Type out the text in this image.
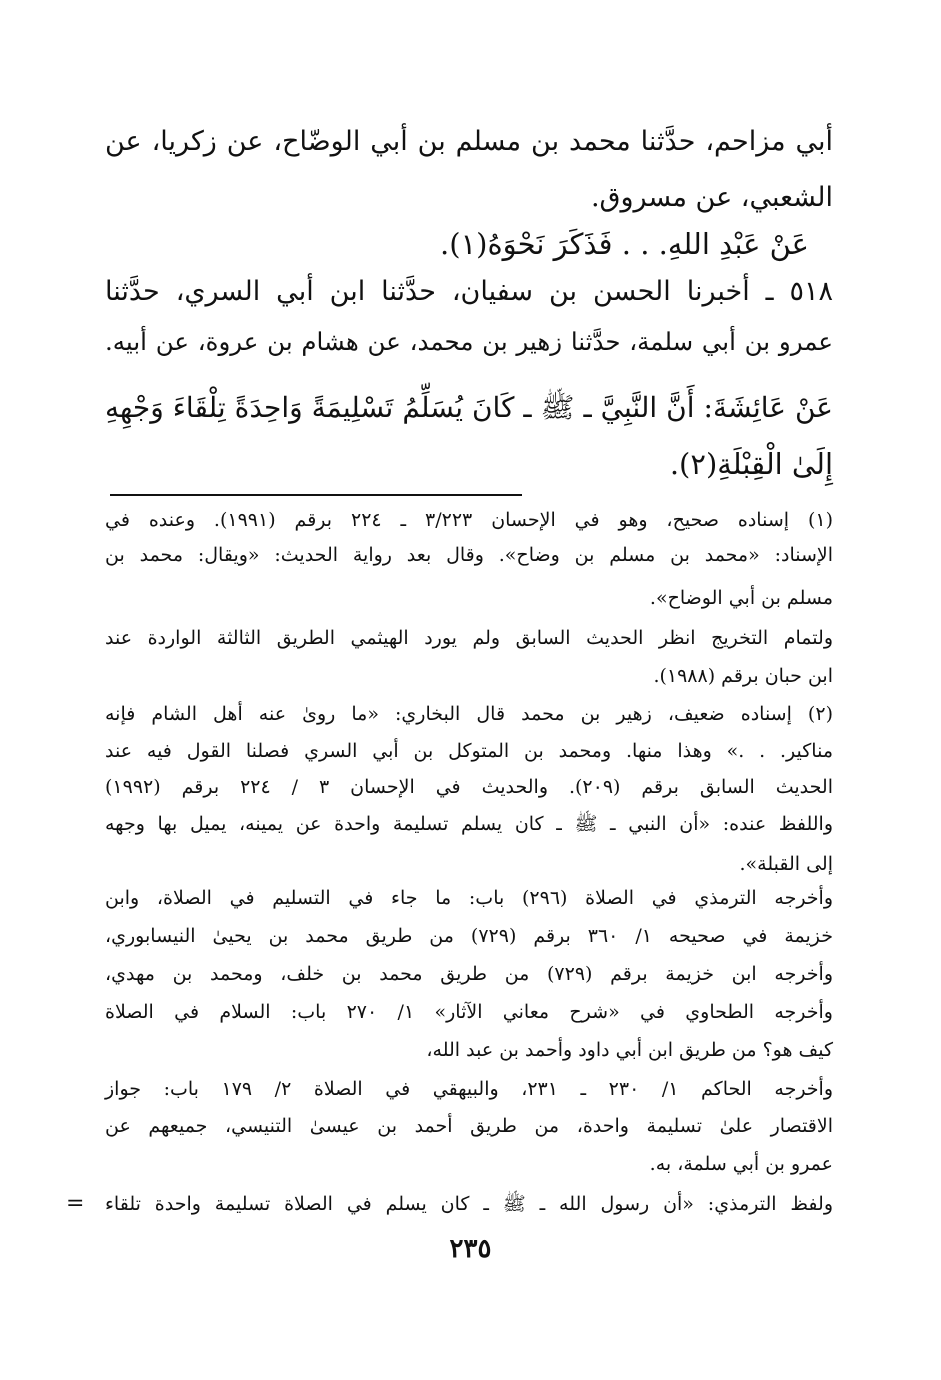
أبي مزاحم، حدَّثنا محمد بن مسلم بن أبي الوضّاح، عن زكريا، عن
الشعبي، عن مسروق.
عَنْ عَبْدِ اللهِ. . . فَذَكَرَ نَحْوَهُ(١).
٥١٨ ـ أخبرنا الحسن بن سفيان، حدَّثنا ابن أبي السري، حدَّثنا
عمرو بن أبي سلمة، حدَّثنا زهير بن محمد، عن هشام بن عروة، عن أبيه.
عَنْ عَائِشَةَ: أَنَّ النَّبِيَّ ـ ﷺ ـ كَانَ يُسَلِّمُ تَسْلِيمَةً وَاحِدَةً تِلْقَاءَ وَجْهِهِ
إِلَىٰ الْقِبْلَةِ(٢).
(١) إسناده صحيح، وهو في الإحسان ٣/٢٢٣ ـ ٢٢٤ برقم (١٩٩١). وعنده في
الإسناد: «محمد بن مسلم بن وضاح». وقال بعد رواية الحديث: «ويقال: محمد بن
مسلم بن أبي الوضاح».
ولتمام التخريج انظر الحديث السابق ولم يورد الهيثمي الطريق الثالثة الواردة عند
ابن حبان برقم (١٩٨٨).
(٢) إسناده ضعيف، زهير بن محمد قال البخاري: «ما روىٰ عنه أهل الشام فإنه
مناكير. . .» وهذا منها. ومحمد بن المتوكل بن أبي السري فصلنا القول فيه عند
الحديث السابق برقم (٢٠٩). والحديث في الإحسان ٣ / ٢٢٤ برقم (١٩٩٢)
واللفظ عنده: «أن النبي ـ ﷺ ـ كان يسلم تسليمة واحدة عن يمينه، يميل بها وجهه
إلى القبلة».
وأخرجه الترمذي في الصلاة (٢٩٦) باب: ما جاء في التسليم في الصلاة، وابن
خزيمة في صحيحه ١/ ٣٦٠ برقم (٧٢٩) من طريق محمد بن يحيىٰ النيسابوري،
وأخرجه ابن خزيمة برقم (٧٢٩) من طريق محمد بن خلف، ومحمد بن مهدي،
وأخرجه الطحاوي في «شرح معاني الآثار» ١/ ٢٧٠ باب: السلام في الصلاة
كيف هو؟ من طريق ابن أبي داود وأحمد بن عبد الله،
وأخرجه الحاكم ١/ ٢٣٠ ـ ٢٣١، والبيهقي في الصلاة ٢/ ١٧٩ باب: جواز
الاقتصار علىٰ تسليمة واحدة، من طريق أحمد بن عيسىٰ التنيسي، جميعهم عن
عمرو بن أبي سلمة، به.
ولفظ الترمذي: «أن رسول الله ـ ﷺ ـ كان يسلم في الصلاة تسليمة واحدة تلقاء
=
٢٣٥
